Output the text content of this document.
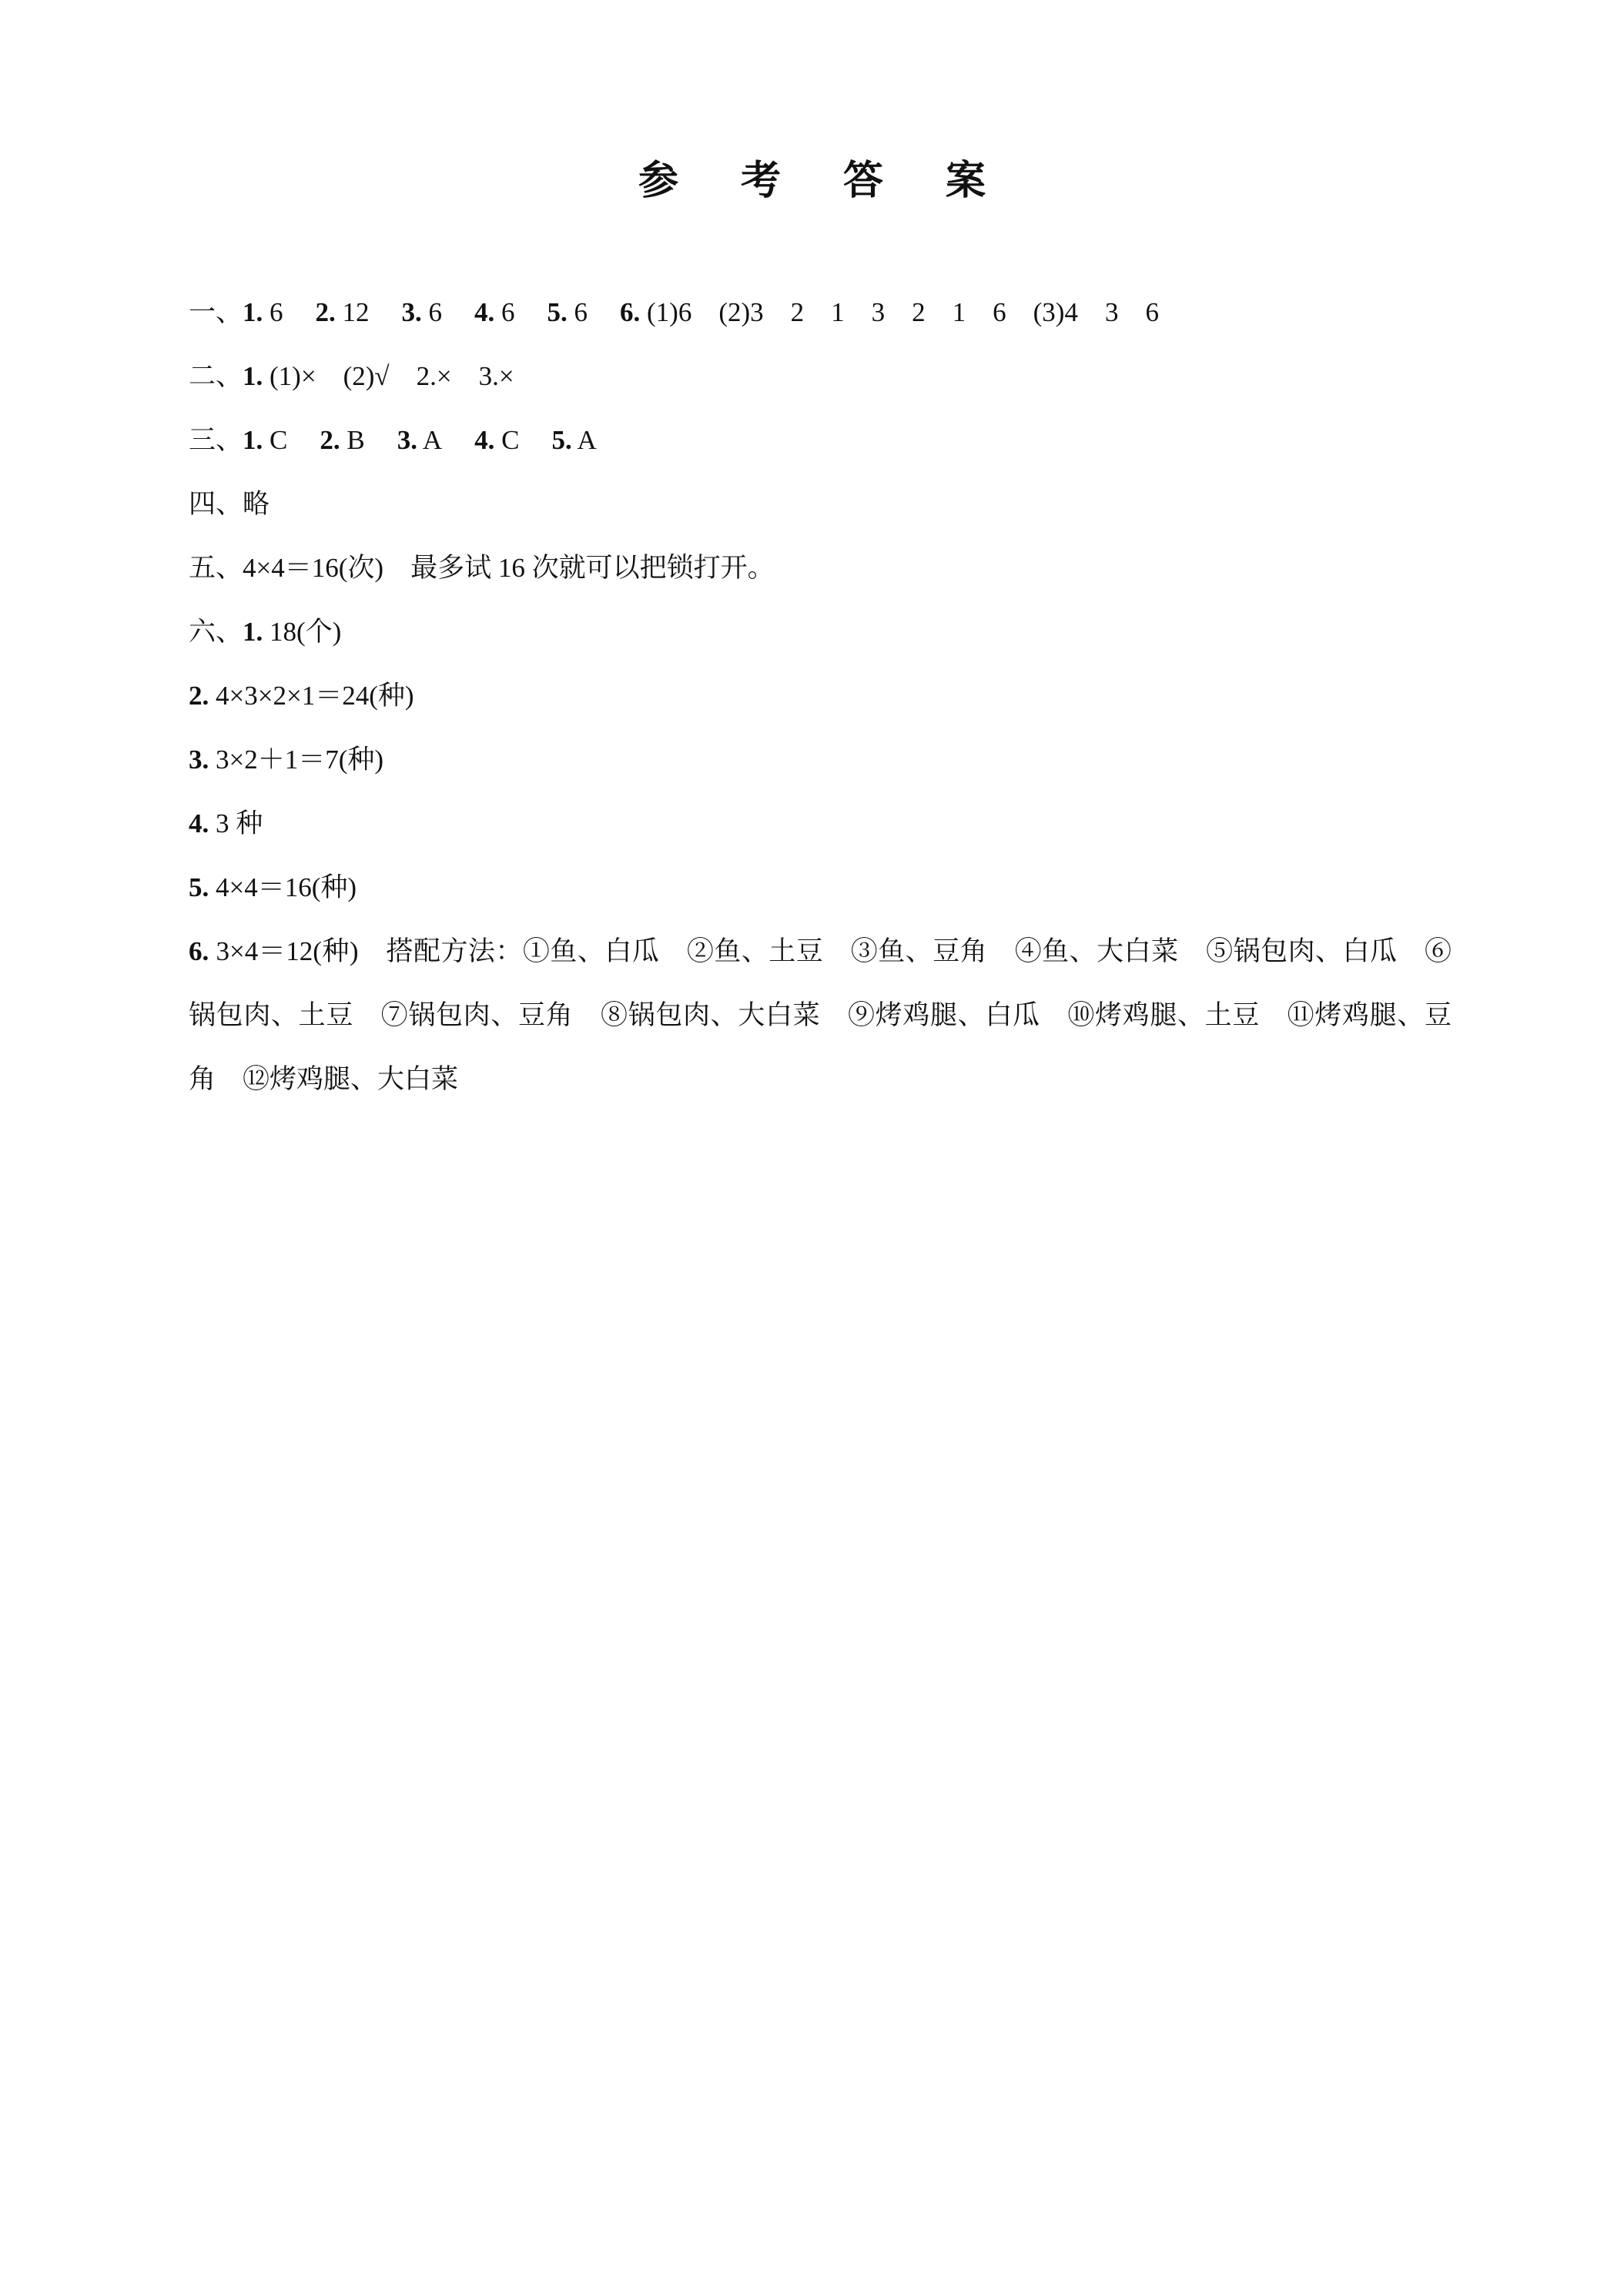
参 考 答 案
一、1. 6 2. 12 3. 6 4. 6 5. 6 6. (1)6　(2)3　2　1　3　2　1　6　(3)4　3　6
二、1. (1)×　(2)√　2.×　3.×
三、1. C 2. B 3. A 4. C 5. A
四、略
五、4×4＝16(次)　最多试 16 次就可以把锁打开。
六、1. 18(个)
2. 4×3×2×1＝24(种)
3. 3×2＋1＝7(种)
4. 3 种
5. 4×4＝16(种)
6. 3×4＝12(种)　搭配方法：①鱼、白瓜　②鱼、土豆　③鱼、豆角　④鱼、大白菜　⑤锅包肉、白瓜　⑥锅包肉、土豆　⑦锅包肉、豆角　⑧锅包肉、大白菜　⑨烤鸡腿、白瓜　⑩烤鸡腿、土豆　⑪烤鸡腿、豆角　⑫烤鸡腿、大白菜
